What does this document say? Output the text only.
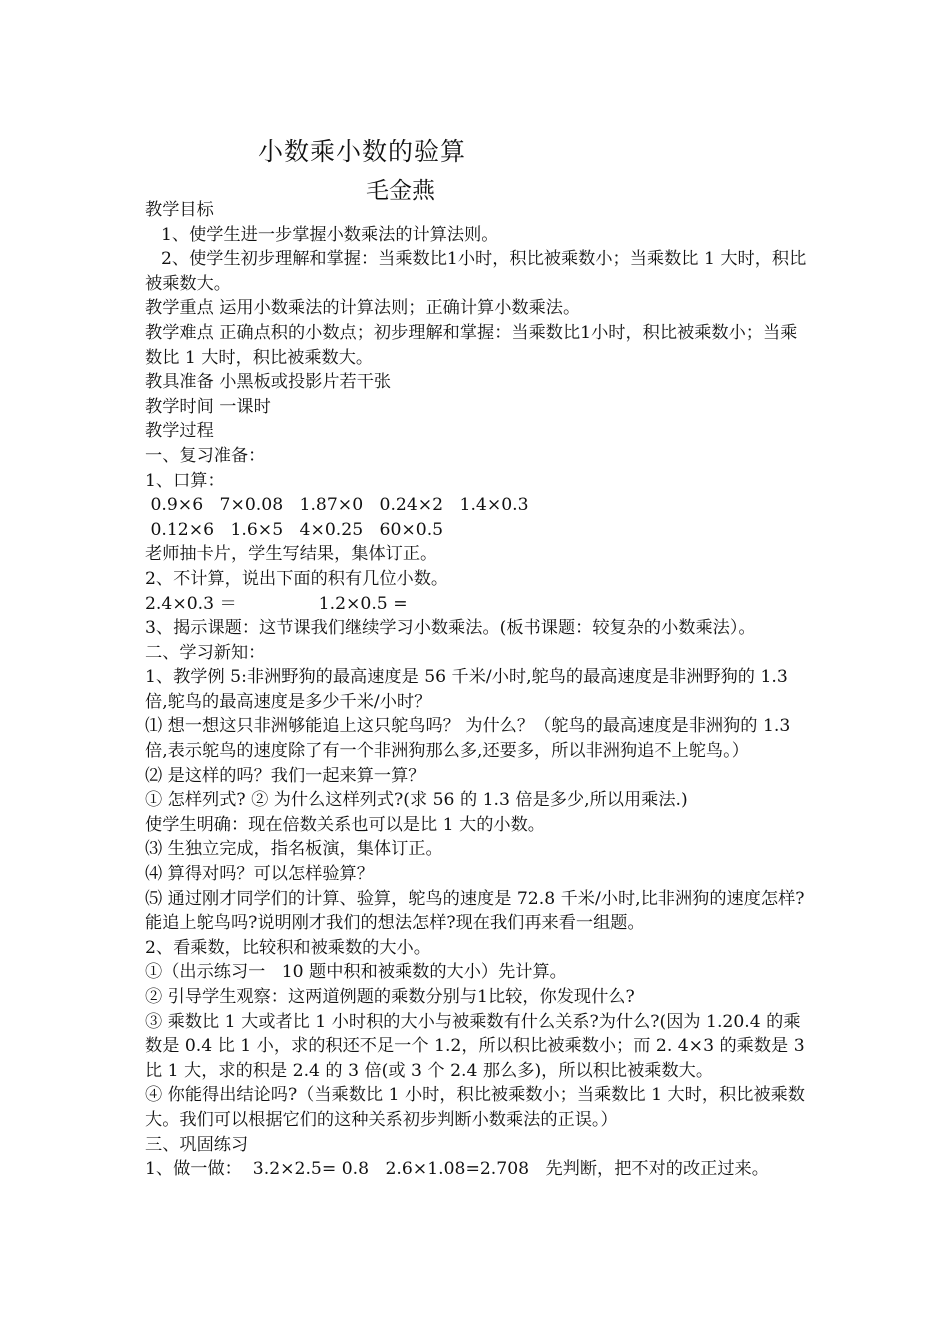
小数乘小数的验算
毛金燕

教学目标

1、使学生进一步掌握小数乘法的计算法则。

2、使学生初步理解和掌握：当乘数比1小时，积比被乘数小；当乘数比 1 大时，积比被乘数大。

教学重点 运用小数乘法的计算法则；正确计算小数乘法。

教学难点 正确点积的小数点；初步理解和掌握：当乘数比1小时，积比被乘数小；当乘数比 1 大时，积比被乘数大。

教具准备 小黑板或投影片若干张

教学时间 一课时

教学过程

一、复习准备：

1、口算：

0.9×6   7×0.08   1.87×0   0.24×2   1.4×0.3

0.12×6   1.6×5   4×0.25   60×0.5

老师抽卡片，学生写结果，集体订正。

2、不计算，说出下面的积有几位小数。

2.4×0.3 ＝               1.2×0.5 =

3、揭示课题：这节课我们继续学习小数乘法。(板书课题：较复杂的小数乘法）。

二、学习新知：

1、教学例 5:非洲野狗的最高速度是 56 千米/小时,鸵鸟的最高速度是非洲野狗的 1.3 倍,鸵鸟的最高速度是多少千米/小时？

⑴ 想一想这只非洲够能追上这只鸵鸟吗？ 为什么？（鸵鸟的最高速度是非洲狗的 1.3 倍,表示鸵鸟的速度除了有一个非洲狗那么多,还要多，所以非洲狗追不上鸵鸟。）

⑵ 是这样的吗？我们一起来算一算？

① 怎样列式? ② 为什么这样列式?(求 56 的 1.3 倍是多少,所以用乘法.)

使学生明确：现在倍数关系也可以是比 1 大的小数。

⑶ 生独立完成，指名板演，集体订正。

⑷ 算得对吗？可以怎样验算？

⑸ 通过刚才同学们的计算、验算，鸵鸟的速度是 72.8 千米/小时,比非洲狗的速度怎样?能追上鸵鸟吗?说明刚才我们的想法怎样?现在我们再来看一组题。

2、看乘数，比较积和被乘数的大小。

①（出示练习一   10 题中积和被乘数的大小）先计算。

② 引导学生观察：这两道例题的乘数分别与1比较，你发现什么?

③ 乘数比 1 大或者比 1 小时积的大小与被乘数有什么关系?为什么?(因为 1.20.4 的乘数是 0.4 比 1 小，求的积还不足一个 1.2，所以积比被乘数小；而 2. 4×3 的乘数是 3 比 1 大，求的积是 2.4 的 3 倍(或 3 个 2.4 那么多)，所以积比被乘数大。

④ 你能得出结论吗?（当乘数比 1 小时，积比被乘数小；当乘数比 1 大时，积比被乘数大。我们可以根据它们的这种关系初步判断小数乘法的正误。）

三、巩固练习

1、做一做：  3.2×2.5= 0.8   2.6×1.08=2.708   先判断，把不对的改正过来。
